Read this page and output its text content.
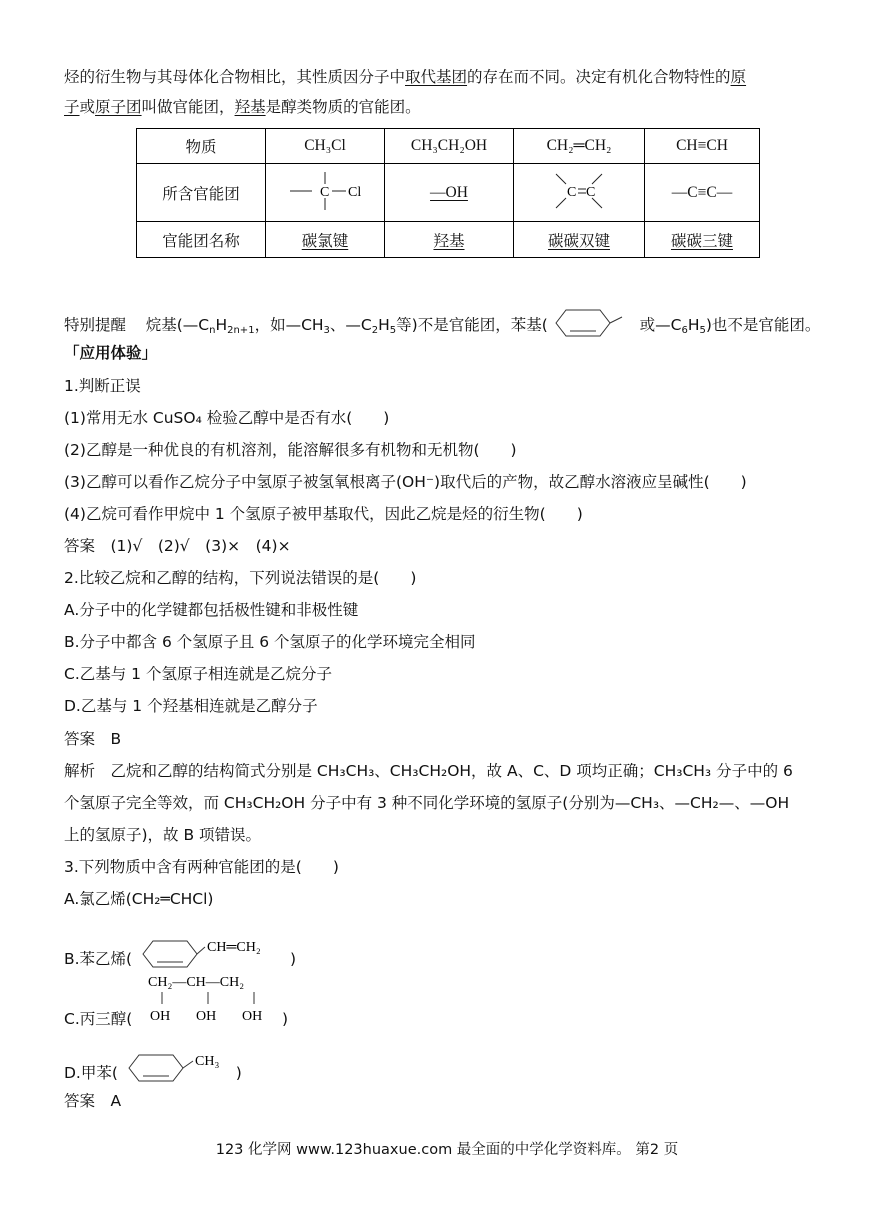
烃的衍生物与其母体化合物相比，其性质因分子中取代基团的存在而不同。决定有机化合物特性的原
子或原子团叫做官能团，羟基是醇类物质的官能团。
物质	CH₃Cl	CH₃CH₂OH	CH₂═CH₂	CH≡CH
所含官能团	C Cl	—OH	C C	—C≡C—
官能团名称	碳氯键	羟基	碳碳双键	碳碳三键
特别提醒 烷基($—C_nH_{2n+1}$，如$—CH_3$、$—C_2H_5$等)不是官能团，苯基(	或$—C_6H_5$)也不是官能团。
「应用体验」
1.判断正误
(1)常用无水 CuSO₄ 检验乙醇中是否有水(　　)
(2)乙醇是一种优良的有机溶剂，能溶解很多有机物和无机物(　　)
(3)乙醇可以看作乙烷分子中氢原子被氢氧根离子(OH⁻)取代后的产物，故乙醇水溶液应呈碱性(　　)
(4)乙烷可看作甲烷中 1 个氢原子被甲基取代，因此乙烷是烃的衍生物(　　)
答案　(1)√　(2)√　(3)×　(4)×
2.比较乙烷和乙醇的结构，下列说法错误的是(　　)
A.分子中的化学键都包括极性键和非极性键
B.分子中都含 6 个氢原子且 6 个氢原子的化学环境完全相同
C.乙基与 1 个氢原子相连就是乙烷分子
D.乙基与 1 个羟基相连就是乙醇分子
答案　B
解析　乙烷和乙醇的结构简式分别是 CH₃CH₃、CH₃CH₂OH，故 A、C、D 项均正确；CH₃CH₃ 分子中的 6
个氢原子完全等效，而 CH₃CH₂OH 分子中有 3 种不同化学环境的氢原子(分别为—CH₃、—CH₂—、—OH
上的氢原子)，故 B 项错误。
3.下列物质中含有两种官能团的是(　　)
A.氯乙烯(CH₂═CHCl)
B.苯乙烯(
CH═CH₂
)
C.丙三醇(
CH₂—CH—CH₂
OH OH OH )
D.甲苯(
CH₃
)
答案　A
123 化学网 www.123huaxue.com 最全面的中学化学资料库。 第2 页
